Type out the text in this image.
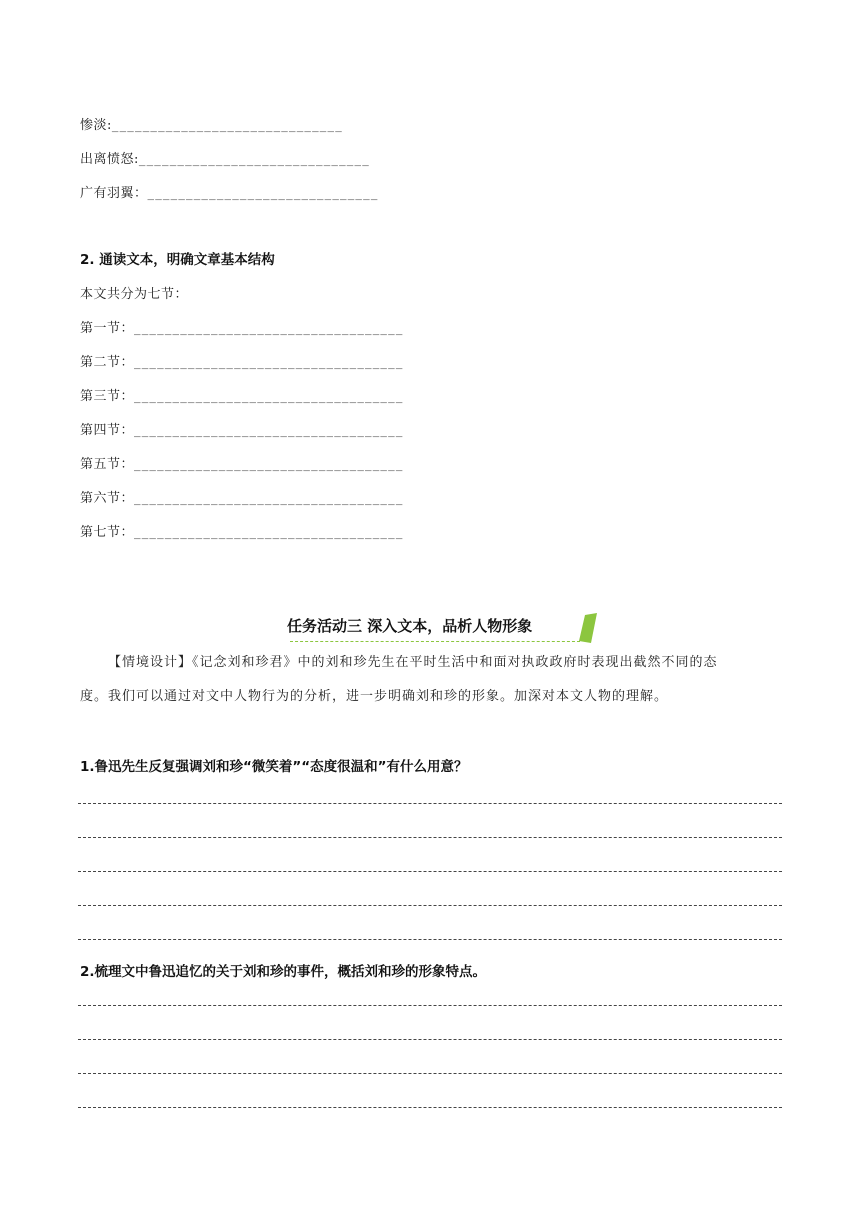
惨淡:______________________________
出离愤怒:______________________________
广有羽翼：______________________________
2. 通读文本，明确文章基本结构
本文共分为七节：
第一节：___________________________________
第二节：___________________________________
第三节：___________________________________
第四节：___________________________________
第五节：___________________________________
第六节：___________________________________
第七节：___________________________________
任务活动三 深入文本，品析人物形象
【情境设计】《记念刘和珍君》中的刘和珍先生在平时生活中和面对执政政府时表现出截然不同的态
度。我们可以通过对文中人物行为的分析，进一步明确刘和珍的形象。加深对本文人物的理解。
1.鲁迅先生反复强调刘和珍“微笑着”“态度很温和”有什么用意？
2.梳理文中鲁迅追忆的关于刘和珍的事件，概括刘和珍的形象特点。
